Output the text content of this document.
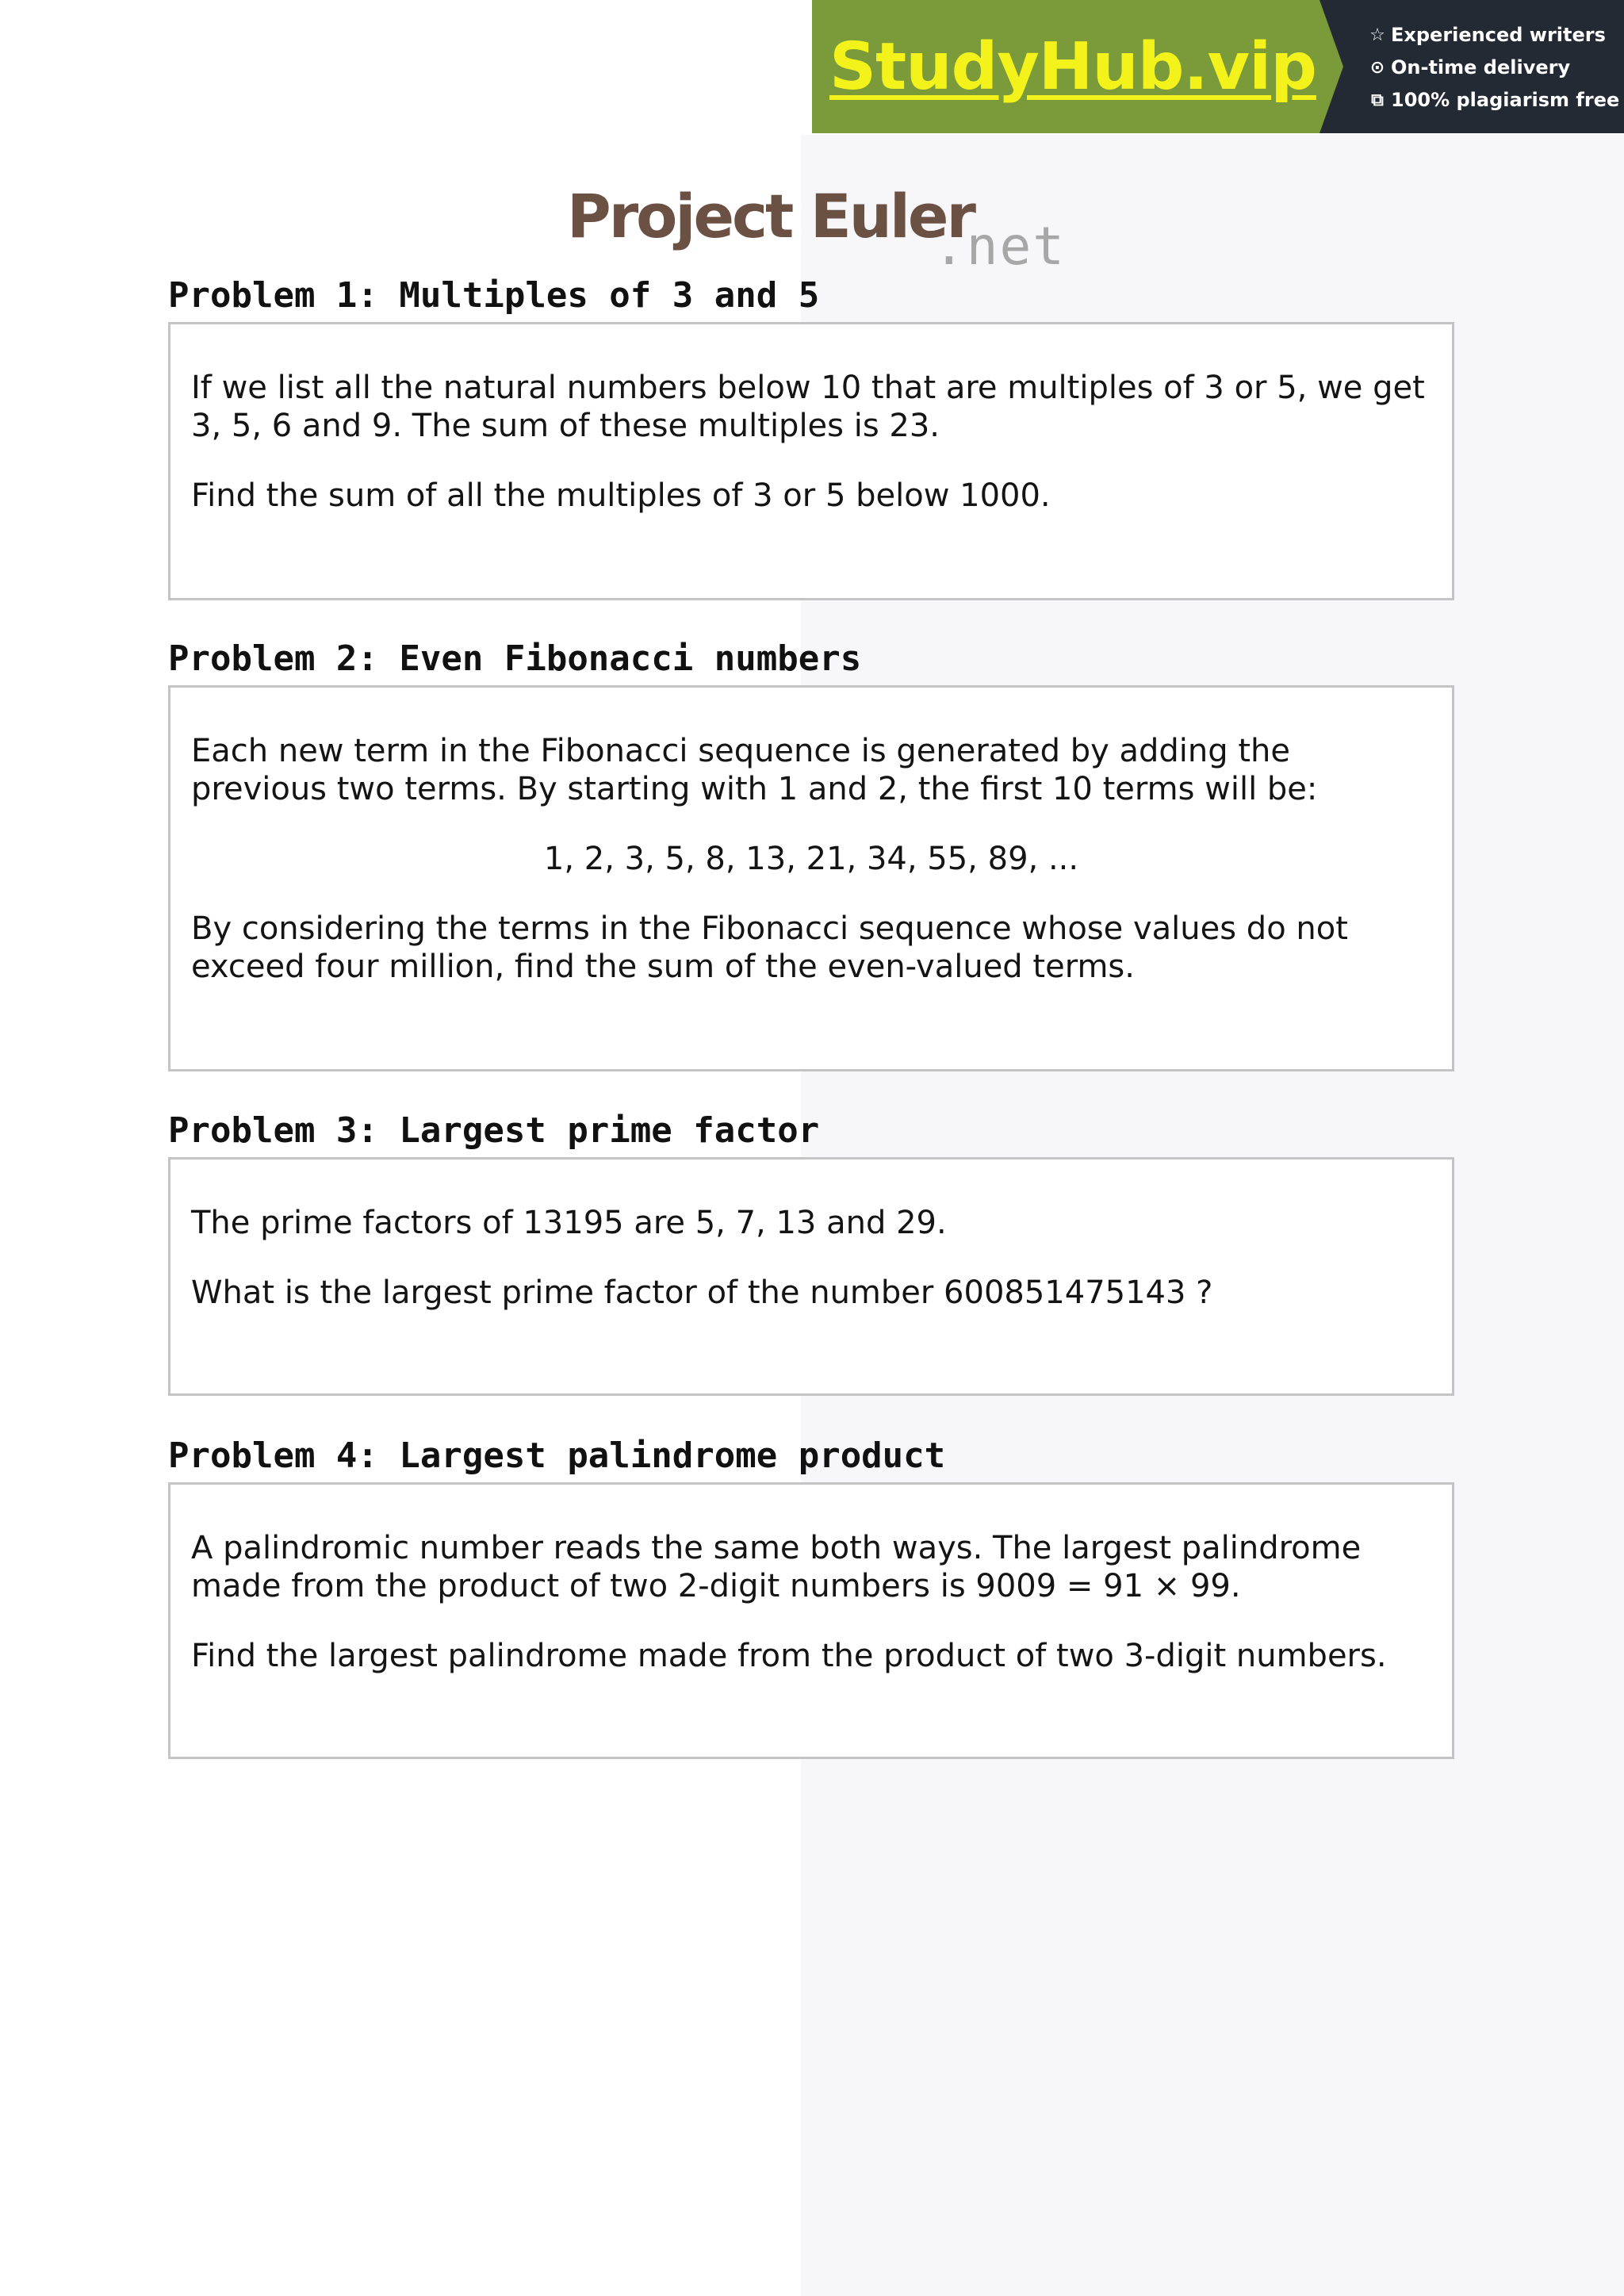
StudyHub.vip	☆ Experienced writers
⊙ On-time delivery
⧉ 100% plagiarism free
Project Euler
.net
Problem 1: Multiples of 3 and 5

If we list all the natural numbers below 10 that are multiples of 3 or 5, we get 3, 5, 6 and 9. The sum of these multiples is 23.

Find the sum of all the multiples of 3 or 5 below 1000.

Problem 2: Even Fibonacci numbers

Each new term in the Fibonacci sequence is generated by adding the previous two terms. By starting with 1 and 2, the first 10 terms will be:

1, 2, 3, 5, 8, 13, 21, 34, 55, 89, ...

By considering the terms in the Fibonacci sequence whose values do not exceed four million, find the sum of the even-valued terms.

Problem 3: Largest prime factor

The prime factors of 13195 are 5, 7, 13 and 29.

What is the largest prime factor of the number 600851475143 ?

Problem 4: Largest palindrome product

A palindromic number reads the same both ways. The largest palindrome made from the product of two 2-digit numbers is 9009 = 91 × 99.

Find the largest palindrome made from the product of two 3-digit numbers.
